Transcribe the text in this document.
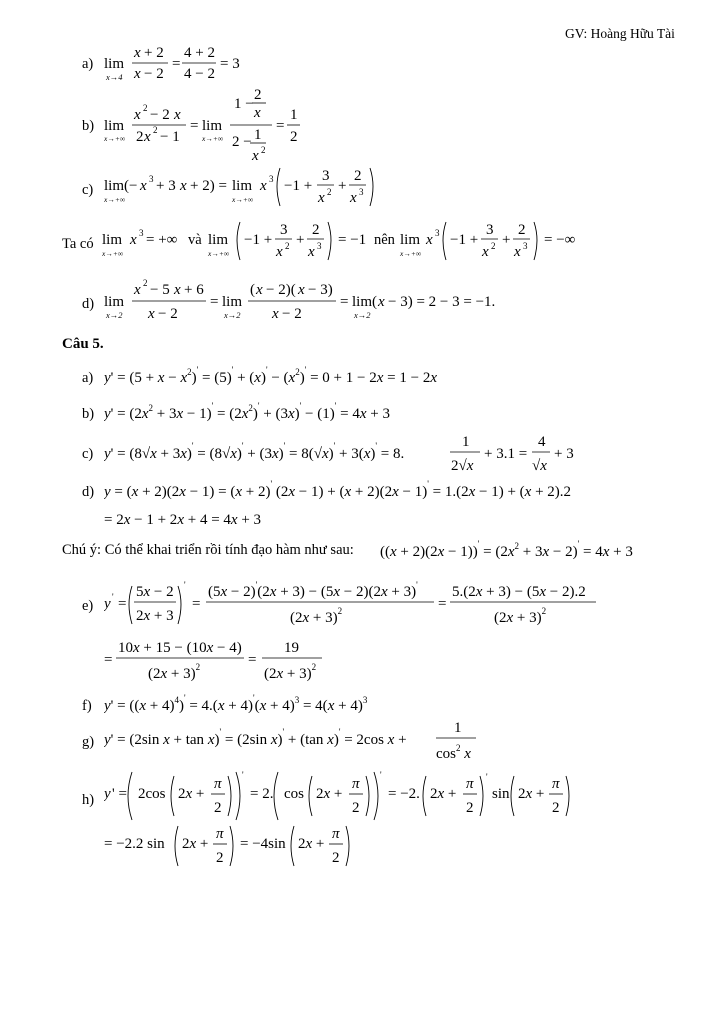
GV: Hoàng Hữu Tài
a) lim
x→4
x + 2
x − 2
=
4 + 2
4 − 2
= 3
b) lim
x→+∞
x 2 − 2 x
2 x 2 − 1
= lim
x→+∞
1 −
2
x
2 − 1
x 2
=
1
2
c) lim(− x 3 + 3 x + 2) =
x→+∞
lim
x→+∞
x 3 −1 +
3
x 2 +
2
x 3
Ta có lim
x→+∞
x 3 = +∞ và lim
x→+∞
−1 +
3
x 2 +
2
x 3 = −1 nên lim
x→+∞
x 3 −1 +
3
x 2 +
2
x 3 = −∞
d) lim
x→2
x 2 − 5 x + 6
x − 2
= lim
x→2
( x − 2)( x − 3)
x − 2
= lim( x − 3) = 2 − 3 = −1.
x→2
Câu 5.
a) $y' = (5 + x - x^2)' = (5)' + (x)' - (x^2)' = 0 + 1 - 2x = 1 - 2x$
b) $y' = (2x^2 + 3x - 1)' = (2x^2)' + (3x)' - (1)' = 4x + 3$
c) y' = (8√x + 3x)' = (8√x)' + (3x)' = 8(√x)' + 3(x)' = 8.
1
2√x
+ 3.1 =
4
√x
+ 3
d) y = (x + 2)(2x − 1) = (x + 2)' (2x − 1) + (x + 2)(2x − 1)' = 1.(2x − 1) + (x + 2).2
= 2x − 1 + 2x + 4 = 4x + 3
Chú ý: Có thể khai triển rồi tính đạo hàm như sau: $((x + 2)(2x - 1))' = (2x^2 + 3x - 2)' = 4x + 3$
e) y ' =
5x − 2
2x + 3
'
=
(5x − 2)'(2x + 3) − (5x − 2)(2x + 3)'
$(2x + 3)^2$	=
5.(2x + 3) − (5x − 2).2
$(2x + 3)^2$
=
10x + 15 − (10x − 4)
$(2x + 3)^2$	=
19
$(2x + 3)^2$
f) $y' = ((x + 4)^4)' = 4.(x + 4)'(x + 4)^3 = 4(x + 4)^3$
g) y' = (2sin x + tan x)' = (2sin x)' + (tan x)' = 2cos x +
1
$\cos^2 x$
h) y ' = 2cos 2x +
π
2
'
= 2. cos 2x +
π
2
'
= −2. 2x +
π
2
'
sin 2x +
π
2
= −2.2 sin 2x +
π
2
= −4sin 2x +
π
2
